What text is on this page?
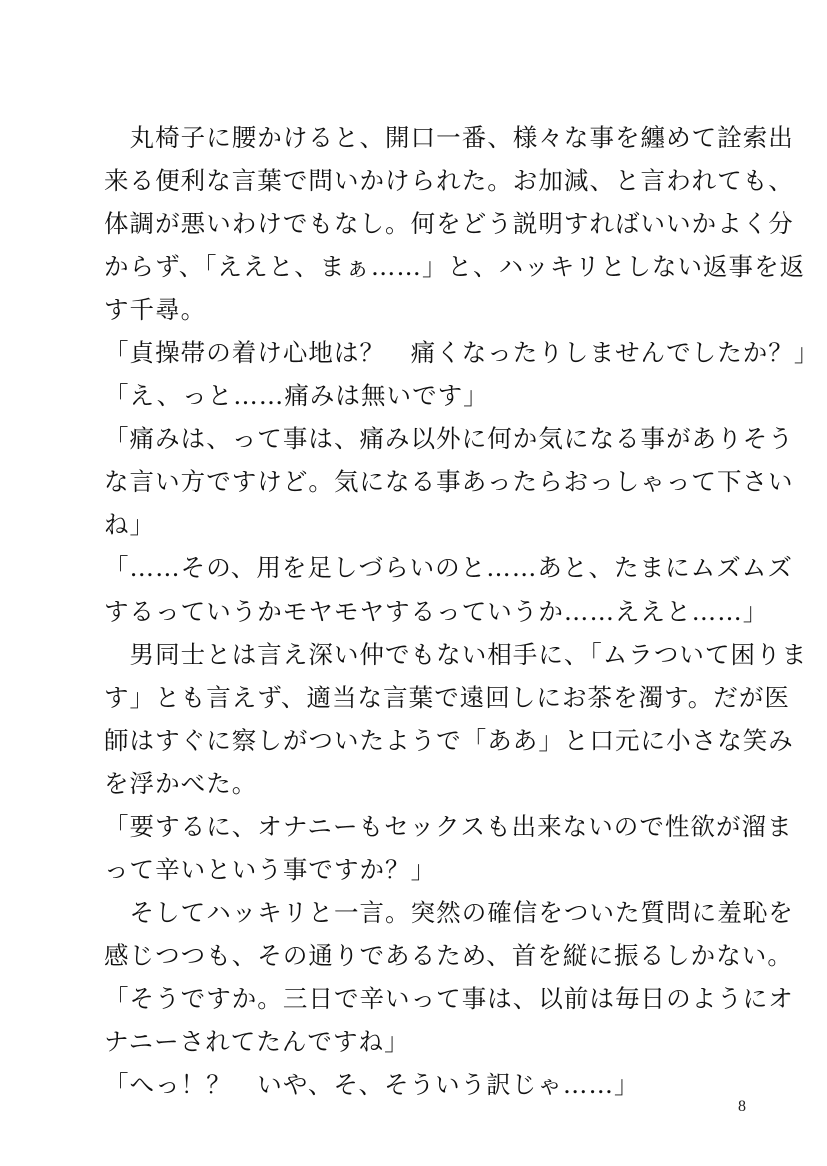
　丸椅子に腰かけると、開口一番、様々な事を纏めて詮索出
来る便利な言葉で問いかけられた。お加減、と言われても、
体調が悪いわけでもなし。何をどう説明すればいいかよく分
からず、「ええと、まぁ……」と、ハッキリとしない返事を返
す千尋。
「貞操帯の着け心地は？　痛くなったりしませんでしたか？」
「え、っと……痛みは無いです」
「痛みは、って事は、痛み以外に何か気になる事がありそう
な言い方ですけど。気になる事あったらおっしゃって下さい
ね」
「……その、用を足しづらいのと……あと、たまにムズムズ
するっていうかモヤモヤするっていうか……ええと……」
　男同士とは言え深い仲でもない相手に、「ムラついて困りま
す」とも言えず、適当な言葉で遠回しにお茶を濁す。だが医
師はすぐに察しがついたようで「ああ」と口元に小さな笑み
を浮かべた。
「要するに、オナニーもセックスも出来ないので性欲が溜ま
って辛いという事ですか？」
　そしてハッキリと一言。突然の確信をついた質問に羞恥を
感じつつも、その通りであるため、首を縦に振るしかない。
「そうですか。三日で辛いって事は、以前は毎日のようにオ
ナニーされてたんですね」
「へっ！？　いや、そ、そういう訳じゃ……」
8
